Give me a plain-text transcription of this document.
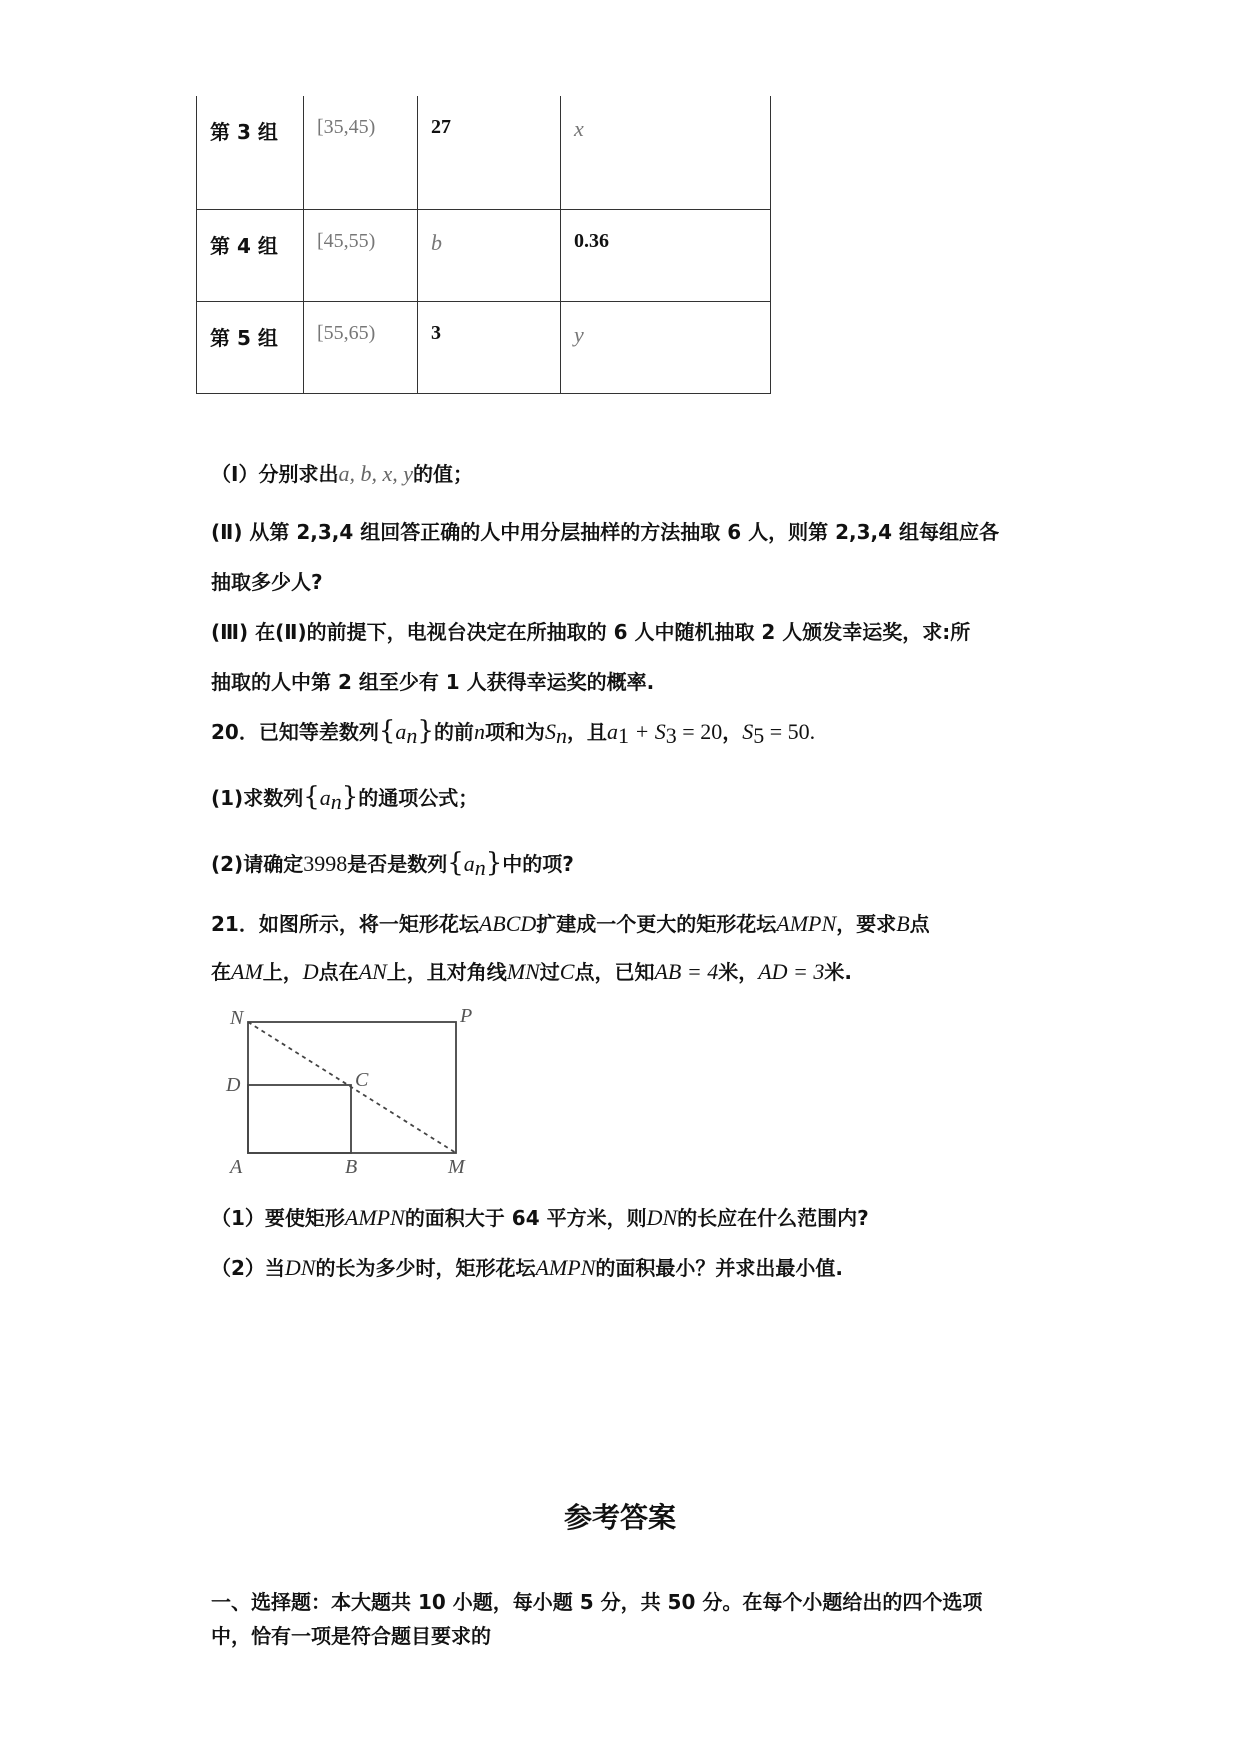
第 3 组	[35,45)	27	x
第 4 组	[45,55)	b	0.36
第 5 组	[55,65)	3	y
（Ⅰ）分别求出a, b, x, y的值；
(Ⅱ) 从第 2,3,4 组回答正确的人中用分层抽样的方法抽取 6 人，则第 2,3,4 组每组应各
抽取多少人?
(Ⅲ) 在(Ⅱ)的前提下，电视台决定在所抽取的 6 人中随机抽取 2 人颁发幸运奖，求:所
抽取的人中第 2 组至少有 1 人获得幸运奖的概率.
20．已知等差数列$\{a_n\}$的前n项和为$S_n$，且$a_1 + S_3 = 20$，$S_5 = 50$.
(1)求数列$\{a_n\}$的通项公式；
(2)请确定3998是否是数列$\{a_n\}$中的项?
21．如图所示，将一矩形花坛ABCD扩建成一个更大的矩形花坛AMPN，要求B点
在AM上，D点在AN上，且对角线MN过C点，已知AB = 4米，AD = 3米.
N	P
D	C
A	B	M
（1）要使矩形AMPN的面积大于 64 平方米，则DN的长应在什么范围内?
（2）当DN的长为多少时，矩形花坛AMPN的面积最小？并求出最小值.
参考答案
一、选择题：本大题共 10 小题，每小题 5 分，共 50 分。在每个小题给出的四个选项
中，恰有一项是符合题目要求的
